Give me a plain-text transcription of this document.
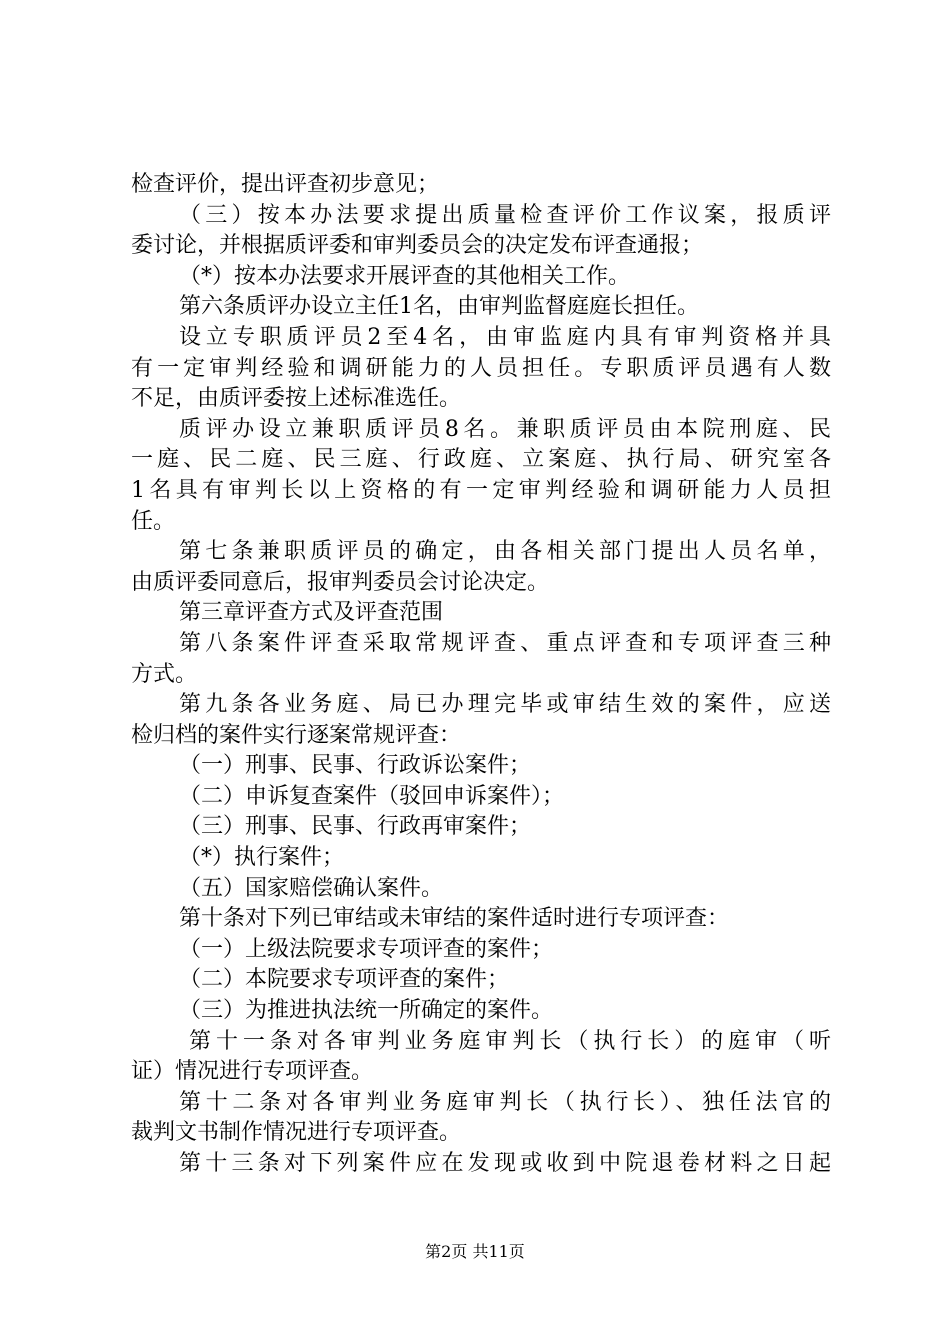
检查评价，提出评查初步意见；
（三）按本办法要求提出质量检查评价工作议案，报质评
委讨论，并根据质评委和审判委员会的决定发布评查通报；
（*）按本办法要求开展评查的其他相关工作。
第六条质评办设立主任1名，由审判监督庭庭长担任。
设立专职质评员2至4名，由审监庭内具有审判资格并具
有一定审判经验和调研能力的人员担任。专职质评员遇有人数
不足，由质评委按上述标准选任。
质评办设立兼职质评员8名。兼职质评员由本院刑庭、民
一庭、民二庭、民三庭、行政庭、立案庭、执行局、研究室各
1名具有审判长以上资格的有一定审判经验和调研能力人员担
任。
第七条兼职质评员的确定，由各相关部门提出人员名单，
由质评委同意后，报审判委员会讨论决定。
第三章评查方式及评查范围
第八条案件评查采取常规评查、重点评查和专项评查三种
方式。
第九条各业务庭、局已办理完毕或审结生效的案件，应送
检归档的案件实行逐案常规评查：
（一）刑事、民事、行政诉讼案件；
（二）申诉复查案件（驳回申诉案件）；
（三）刑事、民事、行政再审案件；
（*）执行案件；
（五）国家赔偿确认案件。
第十条对下列已审结或未审结的案件适时进行专项评查：
（一）上级法院要求专项评查的案件；
（二）本院要求专项评查的案件；
（三）为推进执法统一所确定的案件。
第十一条对各审判业务庭审判长（执行长）的庭审（听
证）情况进行专项评查。
第十二条对各审判业务庭审判长（执行长）、独任法官的
裁判文书制作情况进行专项评查。
第十三条对下列案件应在发现或收到中院退卷材料之日起
第2页 共11页
